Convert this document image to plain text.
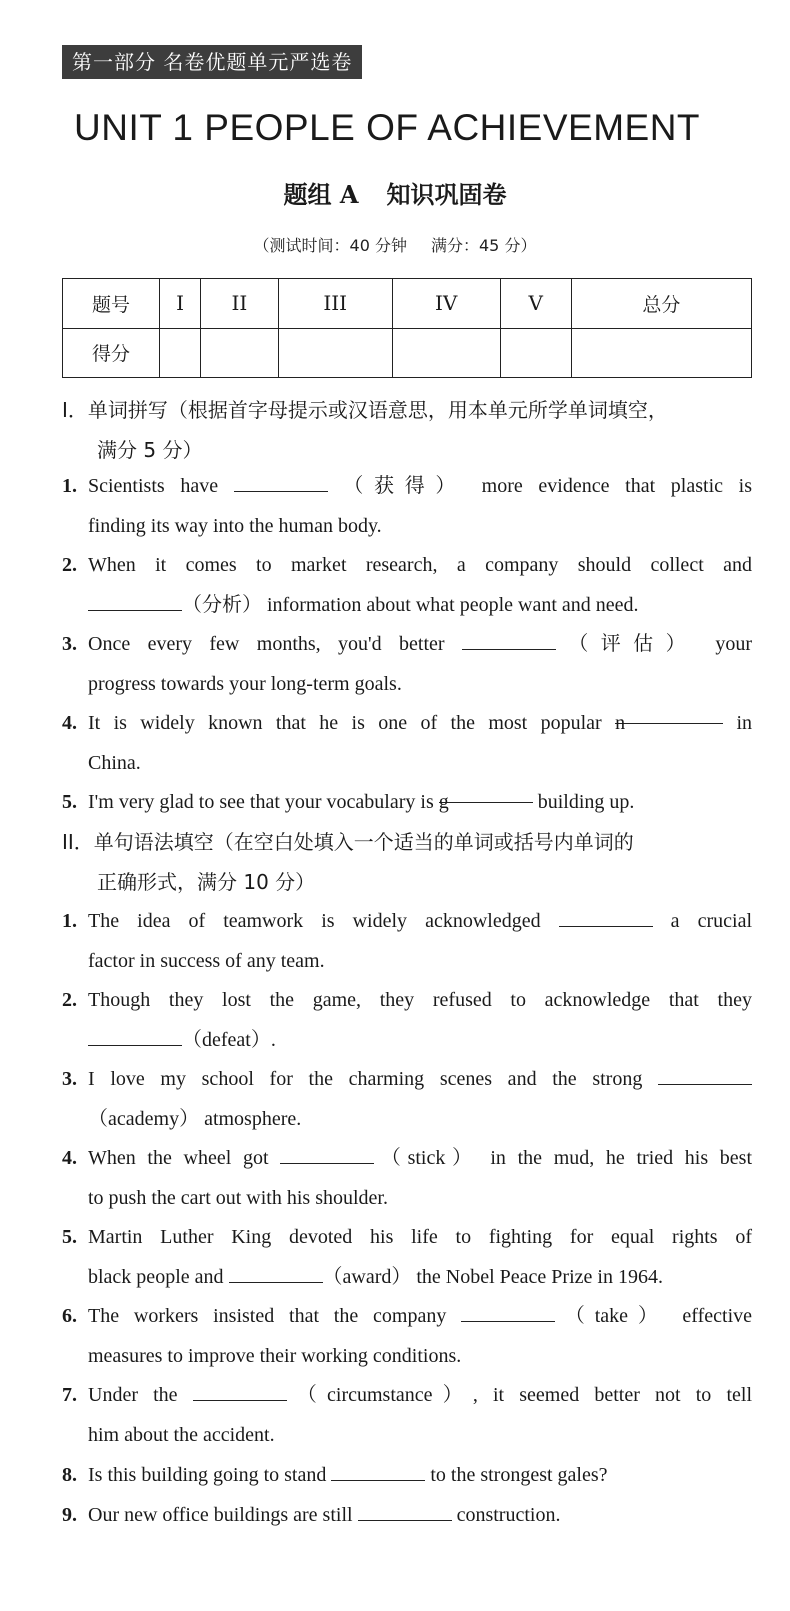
第一部分 名卷优题单元严选卷
UNIT 1 PEOPLE OF ACHIEVEMENT
题组 A 知识巩固卷
（测试时间：40 分钟 满分：45 分）
题号	I	II	III	IV	V	总分
得分						
I．单词拼写（根据首字母提示或汉语意思，用本单元所学单词填空，
满分 5 分）
1. Scientists have	（获得） more evidence that plastic is
finding its way into the human body.
2. When it comes to market research, a company should collect and
（分析） information about what people want and need.
3. Once every few months, you'd better	（评估） your
progress towards your long-term goals.
4. It is widely known that he is one of the most popular n	in
China.
5. I'm very glad to see that your vocabulary is g	building up.
II．单句语法填空（在空白处填入一个适当的单词或括号内单词的
正确形式，满分 10 分）
1. The idea of teamwork is widely acknowledged	a crucial
factor in success of any team.
2. Though they lost the game, they refused to acknowledge that they
（defeat）.
3. I love my school for the charming scenes and the strong
（academy） atmosphere.
4. When the wheel got	（stick） in the mud, he tried his best
to push the cart out with his shoulder.
5. Martin Luther King devoted his life to fighting for equal rights of
black people and	（award） the Nobel Peace Prize in 1964.
6. The workers insisted that the company	（take） effective
measures to improve their working conditions.
7. Under the	（circumstance）, it seemed better not to tell
him about the accident.
8. Is this building going to stand	to the strongest gales?
9. Our new office buildings are still	construction.
